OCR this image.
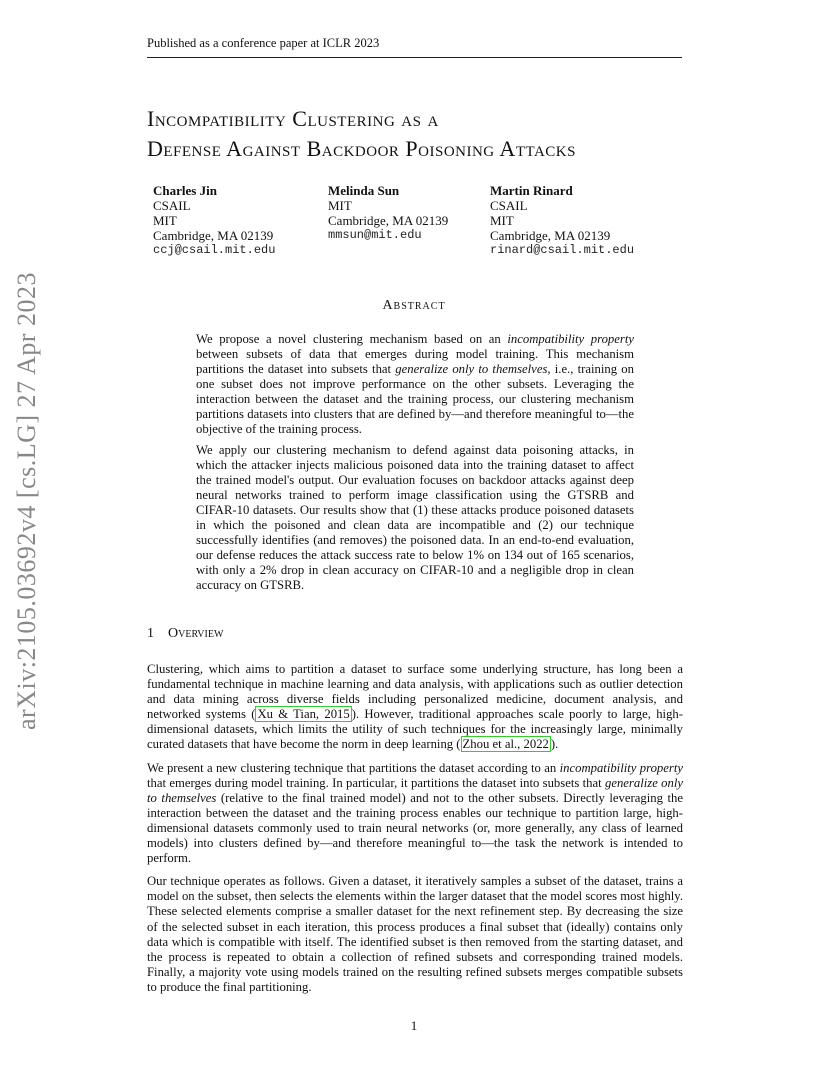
Published as a conference paper at ICLR 2023
arXiv:2105.03692v4 [cs.LG] 27 Apr 2023
Incompatibility Clustering as a
Defense Against Backdoor Poisoning Attacks
Charles Jin
CSAIL
MIT
Cambridge, MA 02139
ccj@csail.mit.edu
Melinda Sun
MIT
Cambridge, MA 02139
mmsun@mit.edu
Martin Rinard
CSAIL
MIT
Cambridge, MA 02139
rinard@csail.mit.edu
Abstract

We propose a novel clustering mechanism based on an incompatibility property between subsets of data that emerges during model training. This mechanism partitions the dataset into subsets that generalize only to themselves, i.e., training on one subset does not improve performance on the other subsets. Leveraging the interaction between the dataset and the training process, our clustering mechanism partitions datasets into clusters that are defined by—and therefore meaningful to—the objective of the training process.

We apply our clustering mechanism to defend against data poisoning attacks, in which the attacker injects malicious poisoned data into the training dataset to affect the trained model's output. Our evaluation focuses on backdoor attacks against deep neural networks trained to perform image classification using the GTSRB and CIFAR-10 datasets. Our results show that (1) these attacks produce poisoned datasets in which the poisoned and clean data are incompatible and (2) our technique successfully identifies (and removes) the poisoned data. In an end-to-end evaluation, our defense reduces the attack success rate to below 1% on 134 out of 165 scenarios, with only a 2% drop in clean accuracy on CIFAR-10 and a negligible drop in clean accuracy on GTSRB.

1 Overview

Clustering, which aims to partition a dataset to surface some underlying structure, has long been a fundamental technique in machine learning and data analysis, with applications such as outlier detection and data mining across diverse fields including personalized medicine, document analysis, and networked systems ( Xu & Tian, 2015 ). However, traditional approaches scale poorly to large, high-dimensional datasets, which limits the utility of such techniques for the increasingly large, minimally curated datasets that have become the norm in deep learning ( Zhou et al., 2022 ).

We present a new clustering technique that partitions the dataset according to an incompatibility property that emerges during model training. In particular, it partitions the dataset into subsets that generalize only to themselves (relative to the final trained model) and not to the other subsets. Directly leveraging the interaction between the dataset and the training process enables our technique to partition large, high-dimensional datasets commonly used to train neural networks (or, more generally, any class of learned models) into clusters defined by—and therefore meaningful to—the task the network is intended to perform.

Our technique operates as follows. Given a dataset, it iteratively samples a subset of the dataset, trains a model on the subset, then selects the elements within the larger dataset that the model scores most highly. These selected elements comprise a smaller dataset for the next refinement step. By decreasing the size of the selected subset in each iteration, this process produces a final subset that (ideally) contains only data which is compatible with itself. The identified subset is then removed from the starting dataset, and the process is repeated to obtain a collection of refined subsets and corresponding trained models. Finally, a majority vote using models trained on the resulting refined subsets merges compatible subsets to produce the final partitioning.

1
